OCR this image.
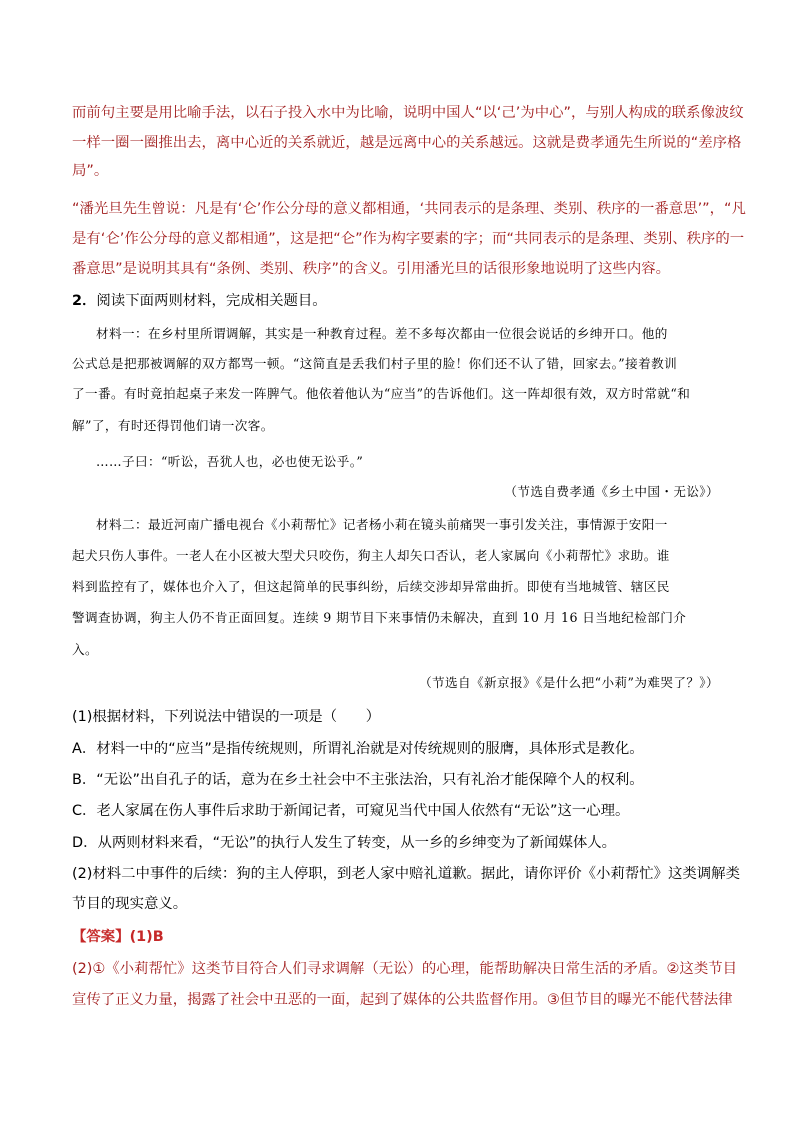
而前句主要是用比喻手法，以石子投入水中为比喻，说明中国人“以‘己’为中心”，与别人构成的联系像波纹
一样一圈一圈推出去，离中心近的关系就近，越是远离中心的关系越远。这就是费孝通先生所说的“差序格
局”。
“潘光旦先生曾说：凡是有‘仑’作公分母的意义都相通，‘共同表示的是条理、类别、秩序的一番意思’”，“凡
是有‘仑’作公分母的意义都相通”，这是把“仑”作为构字要素的字；而“共同表示的是条理、类别、秩序的一
番意思”是说明其具有“条例、类别、秩序”的含义。引用潘光旦的话很形象地说明了这些内容。
2．阅读下面两则材料，完成相关题目。
材料一：在乡村里所谓调解，其实是一种教育过程。差不多每次都由一位很会说话的乡绅开口。他的
公式总是把那被调解的双方都骂一顿。“这简直是丢我们村子里的脸！你们还不认了错，回家去。”接着教训
了一番。有时竟拍起桌子来发一阵脾气。他依着他认为“应当”的告诉他们。这一阵却很有效，双方时常就“和
解”了，有时还得罚他们请一次客。
……子曰：“听讼，吾犹人也，必也使无讼乎。”
（节选自费孝通《乡土中国・无讼》）
材料二：最近河南广播电视台《小莉帮忙》记者杨小莉在镜头前痛哭一事引发关注，事情源于安阳一
起犬只伤人事件。一老人在小区被大型犬只咬伤，狗主人却矢口否认，老人家属向《小莉帮忙》求助。谁
料到监控有了，媒体也介入了，但这起简单的民事纠纷，后续交涉却异常曲折。即使有当地城管、辖区民
警调查协调，狗主人仍不肯正面回复。连续 9 期节目下来事情仍未解决，直到 10 月 16 日当地纪检部门介
入。
（节选自《新京报》《是什么把“小莉”为难哭了？》）
(1)根据材料，下列说法中错误的一项是（　　）
A．材料一中的“应当”是指传统规则，所谓礼治就是对传统规则的服膺，具体形式是教化。
B．“无讼”出自孔子的话，意为在乡土社会中不主张法治，只有礼治才能保障个人的权利。
C．老人家属在伤人事件后求助于新闻记者，可窥见当代中国人依然有“无讼”这一心理。
D．从两则材料来看，“无讼”的执行人发生了转变，从一乡的乡绅变为了新闻媒体人。
(2)材料二中事件的后续：狗的主人停职，到老人家中赔礼道歉。据此，请你评价《小莉帮忙》这类调解类
节目的现实意义。
【答案】(1)B
(2)①《小莉帮忙》这类节目符合人们寻求调解（无讼）的心理，能帮助解决日常生活的矛盾。②这类节目
宣传了正义力量，揭露了社会中丑恶的一面，起到了媒体的公共监督作用。③但节目的曝光不能代替法律
